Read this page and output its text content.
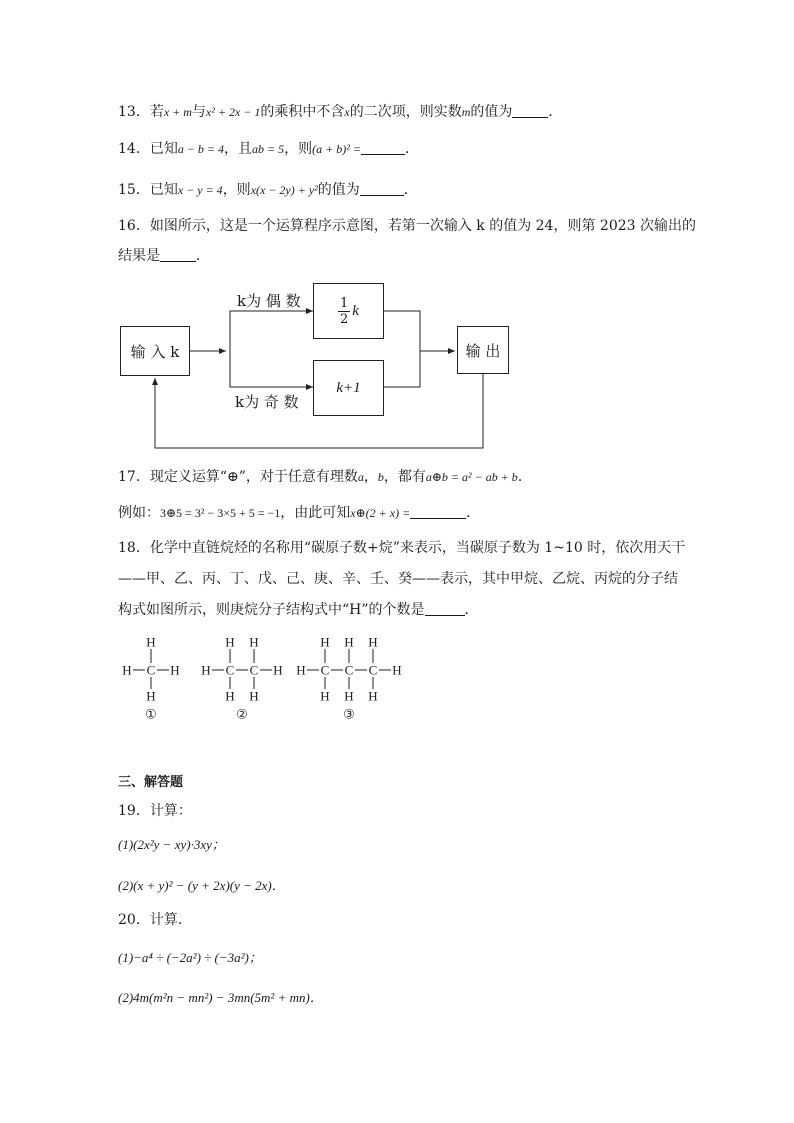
13．若x + m与x² + 2x − 1的乘积中不含x的二次项，则实数m的值为	．
14．已知a − b = 4，且ab = 5，则(a + b)² =	．
15．已知x − y = 4，则x(x − 2y) + y²的值为	．
16．如图所示，这是一个运算程序示意图，若第一次输入 k 的值为 24，则第 2023 次输出的
结果是	．
输 入 k
k为 偶 数
k为 奇 数
$\frac{1}{2}$ k
k+1
输 出
17．现定义运算“⊕”，对于任意有理数a，b，都有a⊕b = a² − ab + b．
例如：3⊕5 = 3² − 3×5 + 5 = −1，由此可知x⊕(2 + x) =	．
18．化学中直链烷烃的名称用“碳原子数+烷”来表示，当碳原子数为 1~10 时，依次用天干
——甲、乙、丙、丁、戊、己、庚、辛、壬、癸——表示，其中甲烷、乙烷、丙烷的分子结
构式如图所示，则庚烷分子结构式中“H”的个数是	．
H
H C H
H
①
H H
H C C H
H H
②
H H H
H C C C H
H H H
③
三、解答题
19．计算：
(1)(2x²y − xy)·3xy；
(2)(x + y)² − (y + 2x)(y − 2x)．
20．计算．
(1)−a⁴ ÷ (−2a²) ÷ (−3a²)；
(2)4m(m²n − mn²) − 3mn(5m² + mn)．
